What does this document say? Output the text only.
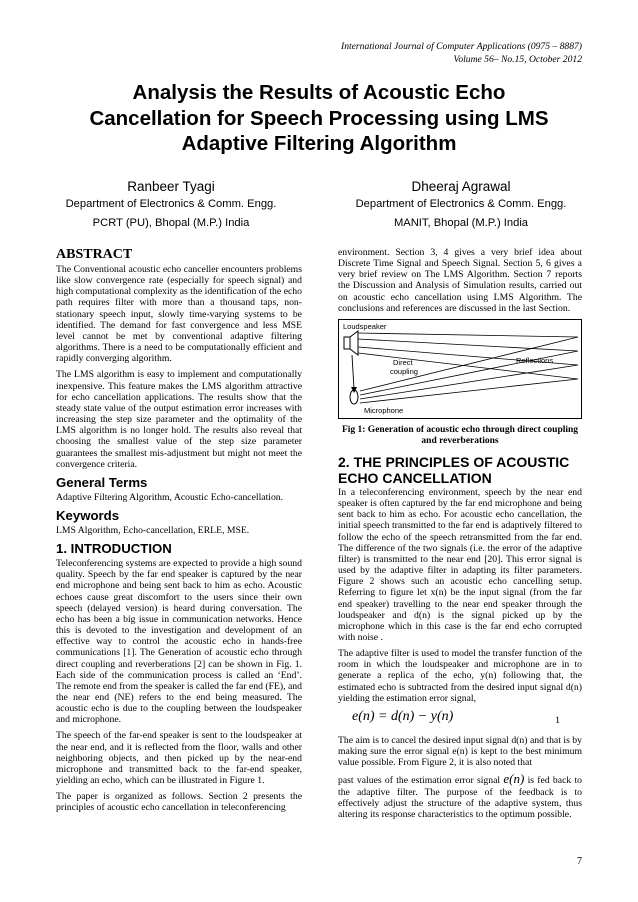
International Journal of Computer Applications (0975 – 8887)
Volume 56– No.15, October 2012
Analysis the Results of Acoustic Echo
Cancellation for Speech Processing using LMS
Adaptive Filtering Algorithm
Ranbeer Tyagi
Department of Electronics & Comm. Engg.
PCRT (PU), Bhopal (M.P.) India
Dheeraj Agrawal
Department of Electronics & Comm. Engg.
MANIT, Bhopal (M.P.) India
ABSTRACT

The Conventional acoustic echo canceller encounters problems like slow convergence rate (especially for speech signal) and high computational complexity as the identification of the echo path requires filter with more than a thousand taps, non-stationary speech input, slowly time-varying systems to be identified. The demand for fast convergence and less MSE level cannot be met by conventional adaptive filtering algorithms. There is a need to be computationally efficient and rapidly converging algorithm.

The LMS algorithm is easy to implement and computationally inexpensive. This feature makes the LMS algorithm attractive for echo cancellation applications. The results show that the steady state value of the output estimation error increases with increasing the step size parameter and the optimality of the LMS algorithm is no longer hold. The results also reveal that choosing the smallest value of the step size parameter guarantees the smallest mis-adjustment but might not meet the convergence criteria.

General Terms

Adaptive Filtering Algorithm, Acoustic Echo-cancellation.

Keywords

LMS Algorithm, Echo-cancellation, ERLE, MSE.

1. INTRODUCTION

Teleconferencing systems are expected to provide a high sound quality. Speech by the far end speaker is captured by the near end microphone and being sent back to him as echo. Acoustic echoes cause great discomfort to the users since their own speech (delayed version) is heard during conversation. The echo has been a big issue in communication networks. Hence this is devoted to the investigation and development of an effective way to control the acoustic echo in hands-free communications [1]. The Generation of acoustic echo through direct coupling and reverberations [2] can be shown in Fig. 1. Each side of the communication process is called an ‘End’. The remote end from the speaker is called the far end (FE), and the near end (NE) refers to the end being measured. The acoustic echo is due to the coupling between the loudspeaker and microphone.

The speech of the far-end speaker is sent to the loudspeaker at the near end, and it is reflected from the floor, walls and other neighboring objects, and then picked up by the near-end microphone and transmitted back to the far-end speaker, yielding an echo, which can be illustrated in Figure 1.

The paper is organized as follows. Section 2 presents the principles of acoustic echo cancellation in teleconferencing

environment. Section 3, 4 gives a very brief idea about Discrete Time Signal and Speech Signal. Section 5, 6 gives a very brief review on The LMS Algorithm. Section 7 reports the Discussion and Analysis of Simulation results, carried out on acoustic echo cancellation using LMS Algorithm. The conclusions and references are discussed in the last Section.

Loudspeaker
Direct
coupling
Reflections
Microphone
Fig 1: Generation of acoustic echo through direct coupling
and reverberations
2. THE PRINCIPLES OF ACOUSTIC
ECHO CANCELLATION

In a teleconferencing environment, speech by the near end speaker is often captured by the far end microphone and being sent back to him as echo. For acoustic echo cancellation, the initial speech transmitted to the far end is adaptively filtered to follow the echo of the speech retransmitted from the far end. The difference of the two signals (i.e. the error of the adaptive filter) is transmitted to the near end [20]. This error signal is used by the adaptive filter in adapting its filter parameters. Figure 2 shows such an acoustic echo cancelling setup. Referring to figure let x(n) be the input signal (from the far end speaker) travelling to the near end speaker through the loudspeaker and d(n) is the signal picked up by the microphone which in this case is the far end echo corrupted with noise .

The adaptive filter is used to model the transfer function of the room in which the loudspeaker and microphone are in to generate a replica of the echo, y(n) following that, the estimated echo is subtracted from the desired input signal d(n) yielding the estimation error signal,

e(n) = d(n) − y(n)	1

The aim is to cancel the desired input signal d(n) and that is by making sure the error signal e(n) is kept to the best minimum value possible. From Figure 2, it is also noted that

past values of the estimation error signal e(n) is fed back to the adaptive filter. The purpose of the feedback is to effectively adjust the structure of the adaptive system, thus altering its response characteristics to the optimum possible.

7
